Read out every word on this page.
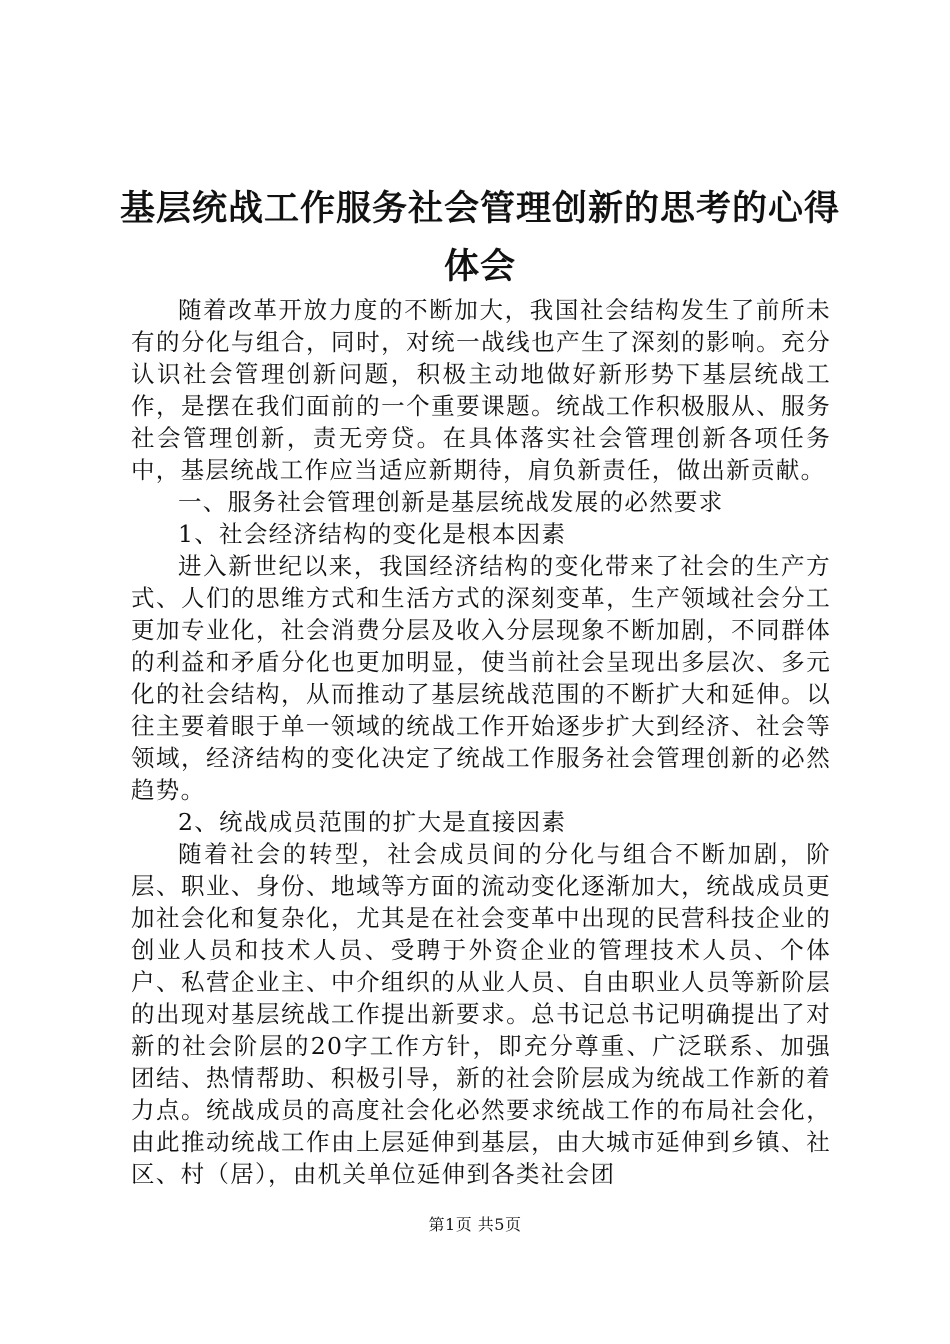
基层统战工作服务社会管理创新的思考的心得体会

随着改革开放力度的不断加大，我国社会结构发生了前所未有的分化与组合，同时，对统一战线也产生了深刻的影响。充分认识社会管理创新问题，积极主动地做好新形势下基层统战工作，是摆在我们面前的一个重要课题。统战工作积极服从、服务社会管理创新，责无旁贷。在具体落实社会管理创新各项任务中，基层统战工作应当适应新期待，肩负新责任，做出新贡献。

一、服务社会管理创新是基层统战发展的必然要求

1、社会经济结构的变化是根本因素

进入新世纪以来，我国经济结构的变化带来了社会的生产方式、人们的思维方式和生活方式的深刻变革，生产领域社会分工更加专业化，社会消费分层及收入分层现象不断加剧，不同群体的利益和矛盾分化也更加明显，使当前社会呈现出多层次、多元化的社会结构，从而推动了基层统战范围的不断扩大和延伸。以往主要着眼于单一领域的统战工作开始逐步扩大到经济、社会等领域，经济结构的变化决定了统战工作服务社会管理创新的必然趋势。

2、统战成员范围的扩大是直接因素

随着社会的转型，社会成员间的分化与组合不断加剧，阶层、职业、身份、地域等方面的流动变化逐渐加大，统战成员更加社会化和复杂化，尤其是在社会变革中出现的民营科技企业的创业人员和技术人员、受聘于外资企业的管理技术人员、个体户、私营企业主、中介组织的从业人员、自由职业人员等新阶层的出现对基层统战工作提出新要求。总书记总书记明确提出了对新的社会阶层的20字工作方针，即充分尊重、广泛联系、加强团结、热情帮助、积极引导，新的社会阶层成为统战工作新的着力点。统战成员的高度社会化必然要求统战工作的布局社会化，由此推动统战工作由上层延伸到基层，由大城市延伸到乡镇、社区、村（居），由机关单位延伸到各类社会团

第1页 共5页
